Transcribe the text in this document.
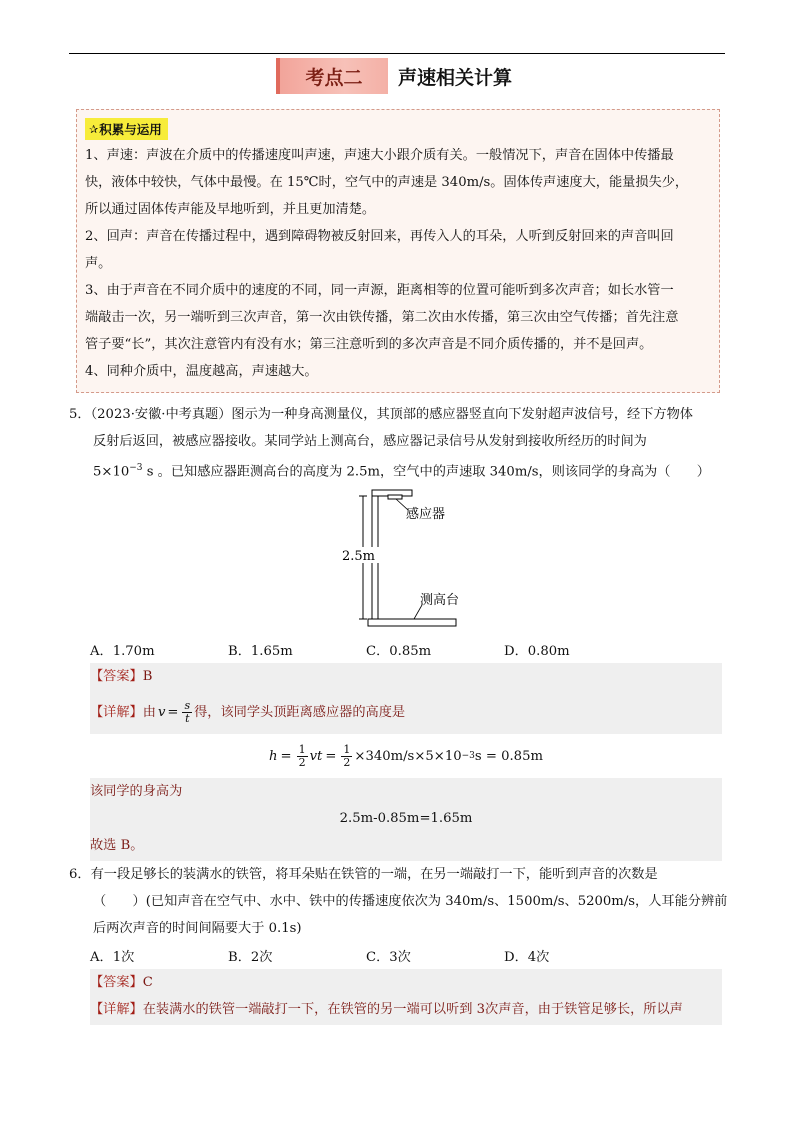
考点二	声速相关计算
✰ 积累与运用

1、声速：声波在介质中的传播速度叫声速，声速大小跟介质有关。一般情况下，声音在固体中传播最

快，液体中较快，气体中最慢。在 15℃时，空气中的声速是 340m/s。固体传声速度大，能量损失少，

所以通过固体传声能及早地听到，并且更加清楚。

2、回声：声音在传播过程中，遇到障碍物被反射回来，再传入人的耳朵，人听到反射回来的声音叫回

声。

3、由于声音在不同介质中的速度的不同，同一声源，距离相等的位置可能听到多次声音；如长水管一

端敲击一次，另一端听到三次声音，第一次由铁传播，第二次由水传播，第三次由空气传播；首先注意

管子要“长”，其次注意管内有没有水；第三注意听到的多次声音是不同介质传播的，并不是回声。

4、同种介质中，温度越高，声速越大。

5．（2023·安徽·中考真题）图示为一种身高测量仪，其顶部的感应器竖直向下发射超声波信号，经下方物体
反射后返回，被感应器接收。某同学站上测高台，感应器记录信号从发射到接收所经历的时间为
$5\times 10^{-3}$ s 。已知感应器距测高台的高度为 2.5m，空气中的声速取 340m/s，则该同学的身高为（　　）
感应器
2.5m
测高台
A．1.70m	B．1.65m	C．0.85m	D．0.80m
【答案】B
【详解】 由 $v = \frac{s}{t}$ 得，该同学头顶距离感应器的高度是
$h = \frac{1}{2}$ vt = $\frac{1}{2} \times 340m/s\times 5\times 10 -3$ s = 0.85m
该同学的身高为
2.5m-0.85m=1.65m
故选 B。
6．有一段足够长的装满水的铁管，将耳朵贴在铁管的一端，在另一端敲打一下，能听到声音的次数是
（　　）(已知声音在空气中、水中、铁中的传播速度依次为 340m/s、1500m/s、5200m/s，人耳能分辨前
后两次声音的时间间隔要大于 0.1s)
A．1次	B．2次	C．3次	D．4次
【答案】C
【详解】在装满水的铁管一端敲打一下，在铁管的另一端可以听到 3次声音，由于铁管足够长，所以声
